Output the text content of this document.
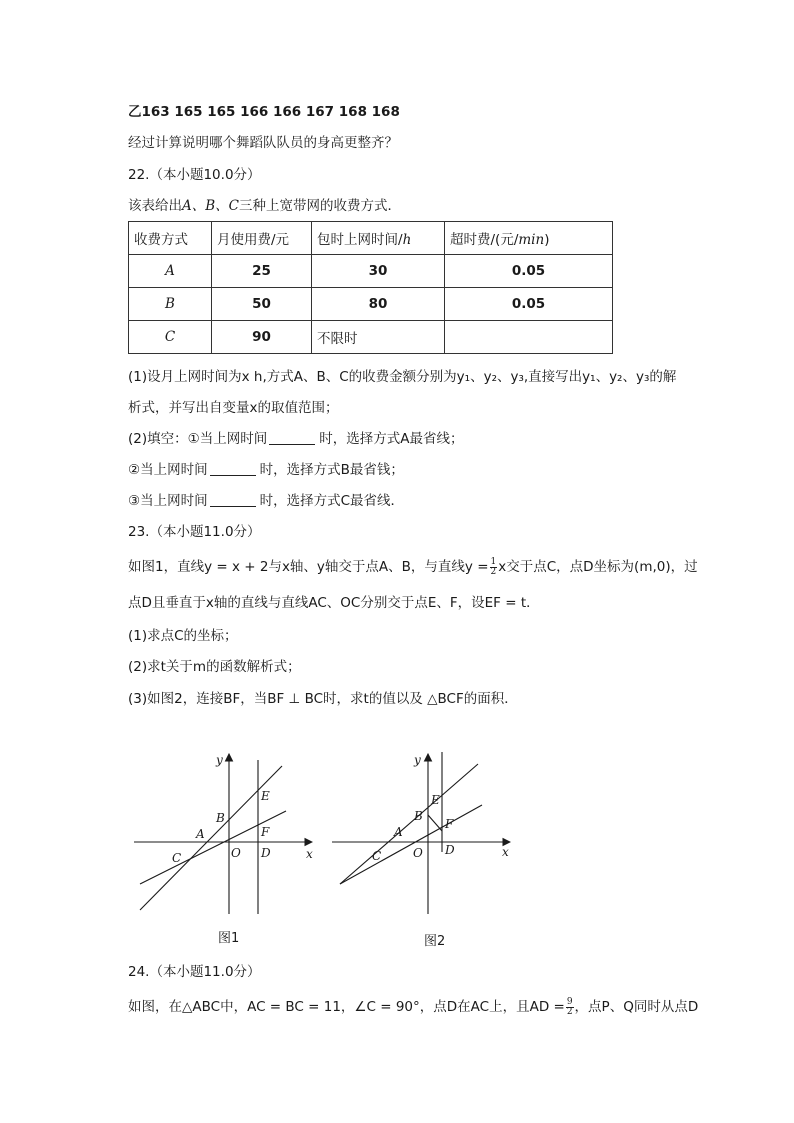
乙163 165 165 166 166 167 168 168
经过计算说明哪个舞蹈队队员的身高更整齐？
22.（本小题10.0分）
该表给出A、B、C三种上宽带网的收费方式．
收费方式	月使用费/元	包时上网时间/h	超时费/(元/min)
A	25	30	0.05
B	50	80	0.05
C	90	不限时	
(1)设月上网时间为x h,方式A、B、C的收费金额分别为y₁、y₂、y₃,直接写出y₁、y₂、y₃的解
析式，并写出自变量x的取值范围；
(2)填空：①当上网时间	时，选择方式A最省线；
②当上网时间	时，选择方式B最省钱；
③当上网时间	时，选择方式C最省线．
23.（本小题11.0分）
如图1，直线y = x + 2与x轴、y轴交于点A、B，与直线$y = \frac{1}{2}$ x交于点C，点D坐标为(m,0)，过
点D且垂直于x轴的直线与直线AC、OC分别交于点E、F，设EF = t．
(1)求点C的坐标；
(2)求t关于m的函数解析式；
(3)如图2，连接BF，当BF ⊥ BC时，求t的值以及 △BCF的面积．
y
x
B
E
A	F
C	O D
图1
y
x
B
E
A
F
C	O D
图2
24.（本小题11.0分）
如图，在△ABC中，AC = BC = 11，∠C = 90°，点D在AC上，且AD = $\frac{9}{2}$ ，点P、Q同时从点D
